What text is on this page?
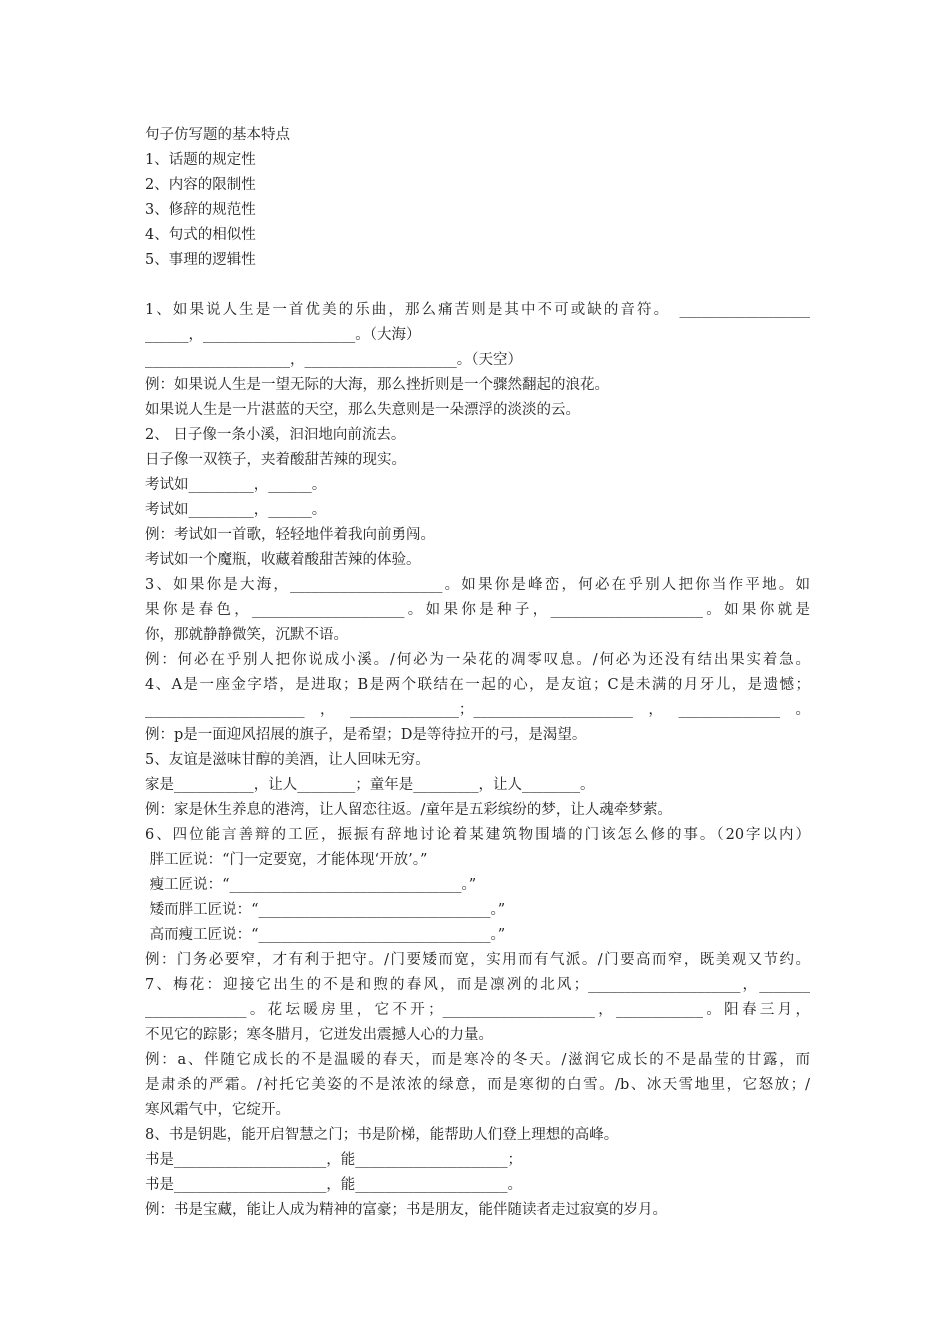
句子仿写题的基本特点
1、话题的规定性
2、内容的限制性
3、修辞的规范性
4、句式的相似性
5、事理的逻辑性
1、如果说人生是一首优美的乐曲，那么痛苦则是其中不可或缺的音符。　__________________
______，_____________________。（大海）
____________________，_____________________。（天空）
例：如果说人生是一望无际的大海，那么挫折则是一个骤然翻起的浪花。
如果说人生是一片湛蓝的天空，那么失意则是一朵漂浮的淡淡的云。
2、 日子像一条小溪，汩汩地向前流去。
日子像一双筷子，夹着酸甜苦辣的现实。
考试如_________，______。
考试如_________，______。
例：考试如一首歌，轻轻地伴着我向前勇闯。
考试如一个魔瓶，收藏着酸甜苦辣的体验。
3、如果你是大海，_____________________。如果你是峰峦，何必在乎别人把你当作平地。如
果你是春色，_____________________。如果你是种子，_____________________。如果你就是
你，那就静静微笑，沉默不语。
例：何必在乎别人把你说成小溪。/何必为一朵花的凋零叹息。/何必为还没有结出果实着急。
4、A是一座金字塔，是进取；B是两个联结在一起的心，是友谊；C是未满的月牙儿，是遗憾；
______________________，_______________；______________________，______________。
例：p是一面迎风招展的旗子，是希望；D是等待拉开的弓，是渴望。
5、友谊是滋味甘醇的美酒，让人回味无穷。
家是___________，让人________；童年是_________，让人________。
例：家是休生养息的港湾，让人留恋往返。/童年是五彩缤纷的梦，让人魂牵梦萦。
6、四位能言善辩的工匠，振振有辞地讨论着某建筑物围墙的门该怎么修的事。（20字以内）
胖工匠说：“门一定要宽，才能体现‘开放’。”
瘦工匠说：“________________________________。”
矮而胖工匠说：“________________________________。”
高而瘦工匠说：“________________________________。”
例：门务必要窄，才有利于把守。/门要矮而宽，实用而有气派。/门要高而窄，既美观又节约。
7、梅花：迎接它出生的不是和煦的春风，而是凛冽的北风；_____________________，_______
______________。花坛暖房里，它不开；_____________________，____________。阳春三月，
不见它的踪影；寒冬腊月，它迸发出震撼人心的力量。
例：a、伴随它成长的不是温暖的春天，而是寒冷的冬天。/滋润它成长的不是晶莹的甘露，而
是肃杀的严霜。/衬托它美姿的不是浓浓的绿意，而是寒彻的白雪。/b、冰天雪地里，它怒放；/
寒风霜气中，它绽开。
8、书是钥匙，能开启智慧之门；书是阶梯，能帮助人们登上理想的高峰。
书是_____________________，能_____________________；
书是_____________________，能_____________________。
例：书是宝藏，能让人成为精神的富豪；书是朋友，能伴随读者走过寂寞的岁月。
